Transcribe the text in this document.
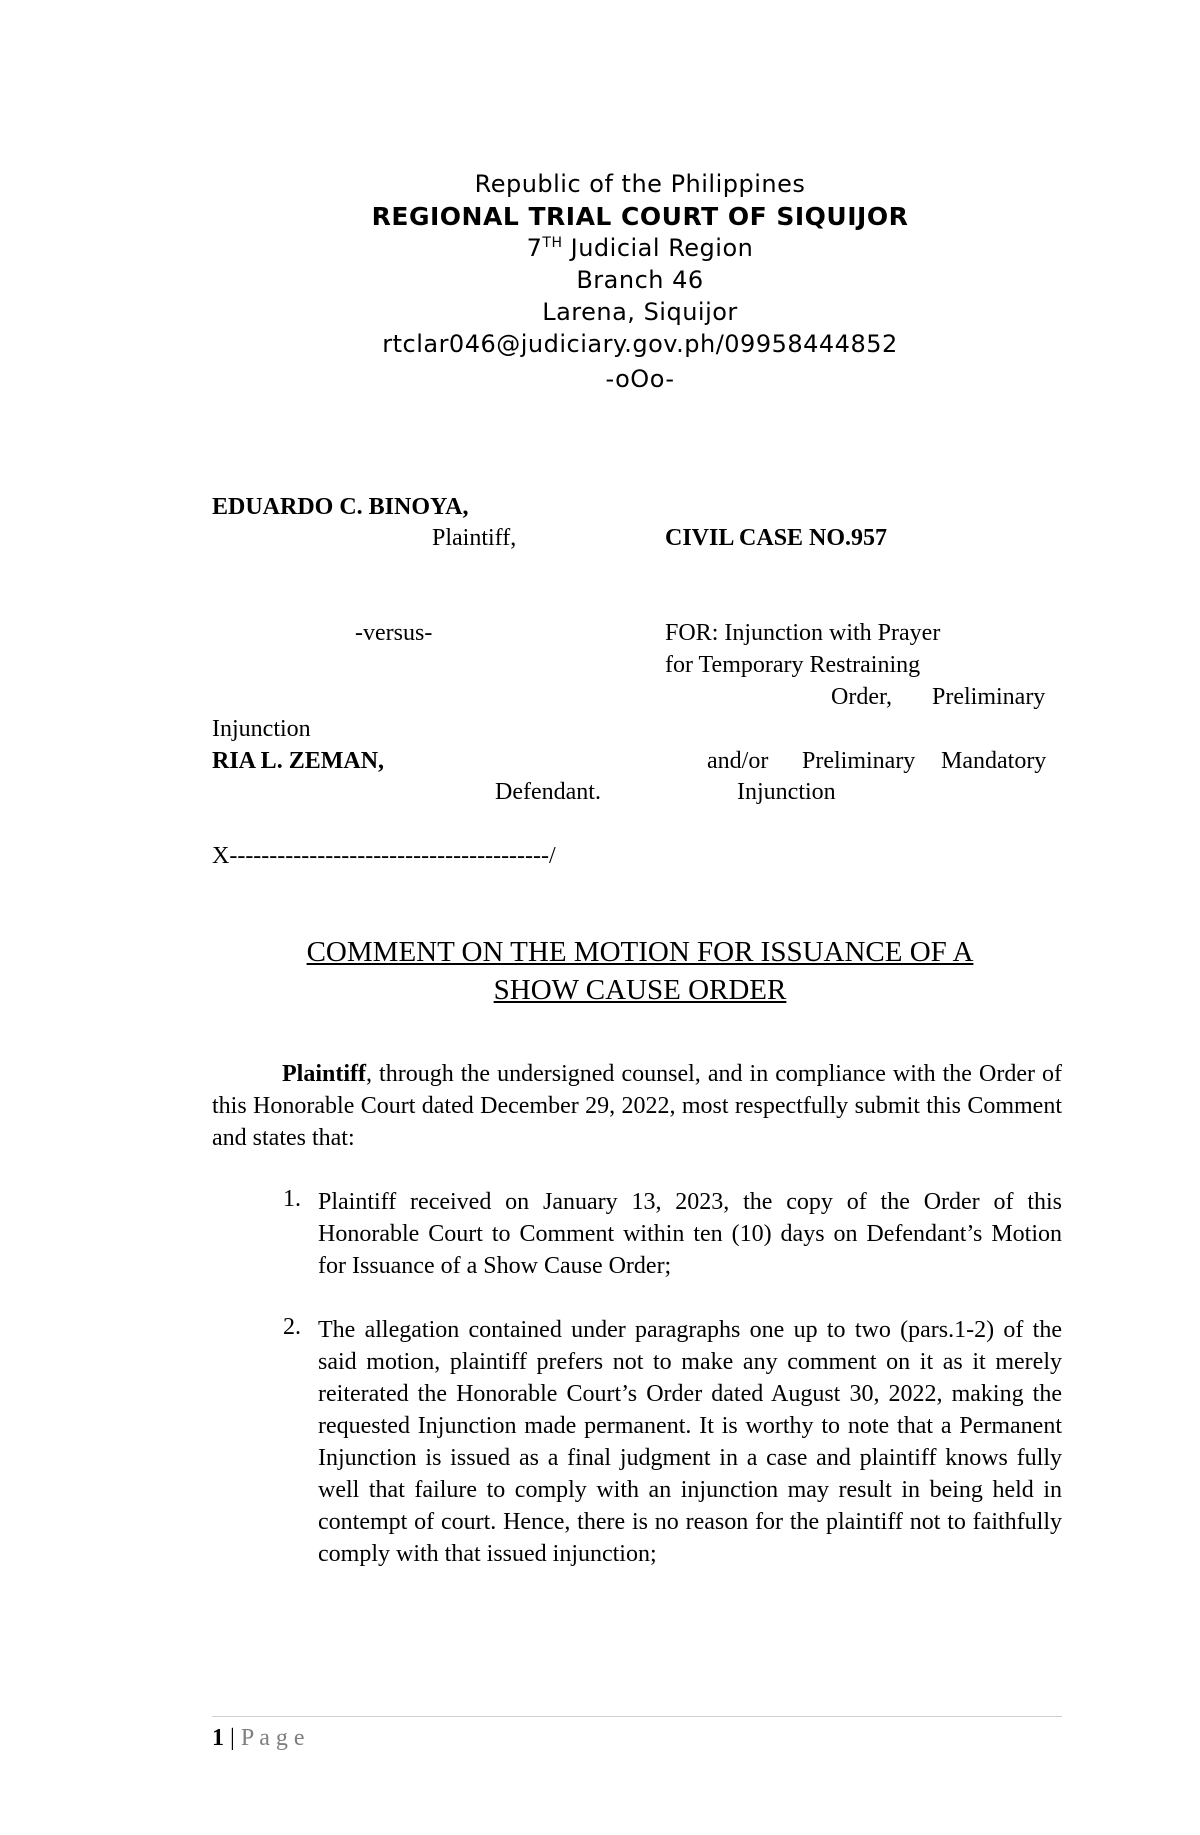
Republic of the Philippines
REGIONAL TRIAL COURT OF SIQUIJOR
7TH Judicial Region
Branch 46
Larena, Siquijor
rtclar046@judiciary.gov.ph/09958444852
-oOo-
EDUARDO C. BINOYA,
Plaintiff,	CIVIL CASE NO.957
-versus-	FOR: Injunction with Prayer
for Temporary Restraining
Order, Preliminary
Injunction
RIA L. ZEMAN,	and/or Preliminary Mandatory
Defendant.	Injunction
X----------------------------------------/
COMMENT ON THE MOTION FOR ISSUANCE OF A
SHOW CAUSE ORDER
Plaintiff, through the undersigned counsel, and in compliance with the Order of this Honorable Court dated December 29, 2022, most respectfully submit this Comment and states that:
1. Plaintiff received on January 13, 2023, the copy of the Order of this Honorable Court to Comment within ten (10) days on Defendant’s Motion for Issuance of a Show Cause Order;
2. The allegation contained under paragraphs one up to two (pars.1-2) of the said motion, plaintiff prefers not to make any comment on it as it merely reiterated the Honorable Court’s Order dated August 30, 2022, making the requested Injunction made permanent. It is worthy to note that a Permanent Injunction is issued as a final judgment in a case and plaintiff knows fully well that failure to comply with an injunction may result in being held in contempt of court. Hence, there is no reason for the plaintiff not to faithfully comply with that issued injunction;
1 | P a g e
